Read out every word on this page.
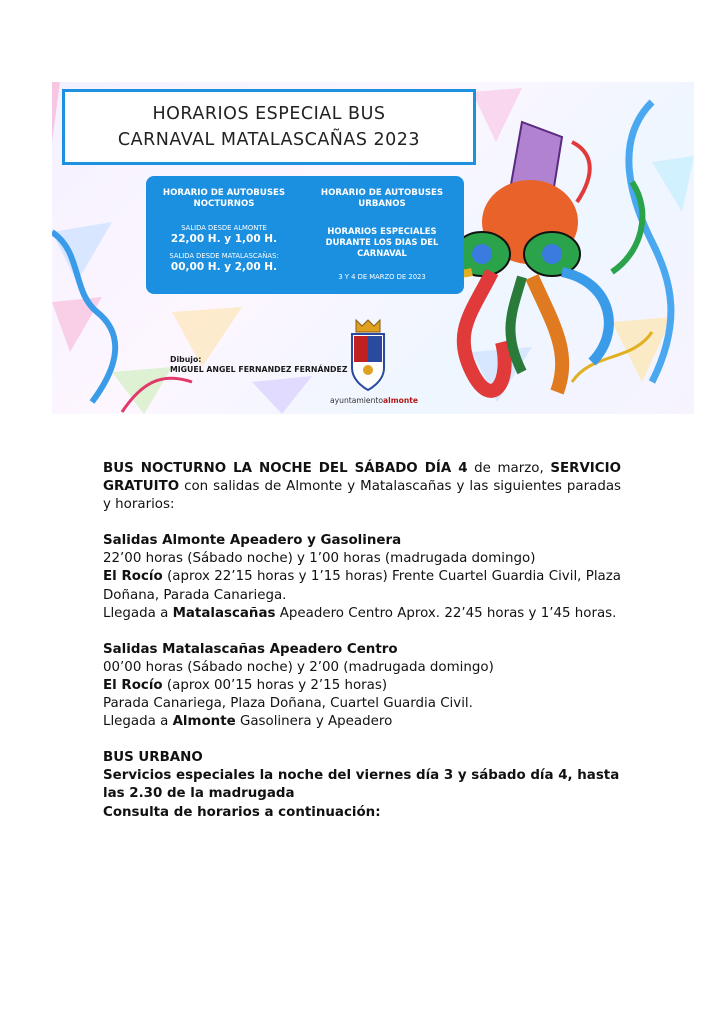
HORARIOS ESPECIAL BUS
CARNAVAL MATALASCAÑAS 2023
HORARIO DE AUTOBUSES
NOCTURNOS
SALIDA DESDE ALMONTE
22,00 H. y 1,00 H.
SALIDA DESDE MATALASCAÑAS:
00,00 H. y 2,00 H.
HORARIO DE AUTOBUSES
URBANOS
HORARIOS ESPECIALES
DURANTE LOS DIAS DEL
CARNAVAL
3 Y 4 DE MARZO DE 2023
Dibujo:
MIGUEL ANGEL FERNANDEZ FERNÁNDEZ
ayuntamientoalmonte

BUS NOCTURNO LA NOCHE DEL SÁBADO DÍA 4 de marzo, SERVICIO GRATUITO con salidas de Almonte y Matalascañas y las siguientes paradas y horarios:

Salidas Almonte Apeadero y Gasolinera

22’00 horas (Sábado noche) y 1’00 horas (madrugada domingo)

El Rocío (aprox 22’15 horas y 1’15 horas) Frente Cuartel Guardia Civil, Plaza Doñana, Parada Canariega.

Llegada a Matalascañas Apeadero Centro Aprox. 22’45 horas y 1’45 horas.

Salidas Matalascañas Apeadero Centro

00’00 horas (Sábado noche) y 2’00 (madrugada domingo)

El Rocío (aprox 00’15 horas y 2’15 horas)

Parada Canariega, Plaza Doñana, Cuartel Guardia Civil.

Llegada a Almonte Gasolinera y Apeadero

BUS URBANO

Servicios especiales la noche del viernes día 3 y sábado día 4, hasta las 2.30 de la madrugada

Consulta de horarios a continuación:
